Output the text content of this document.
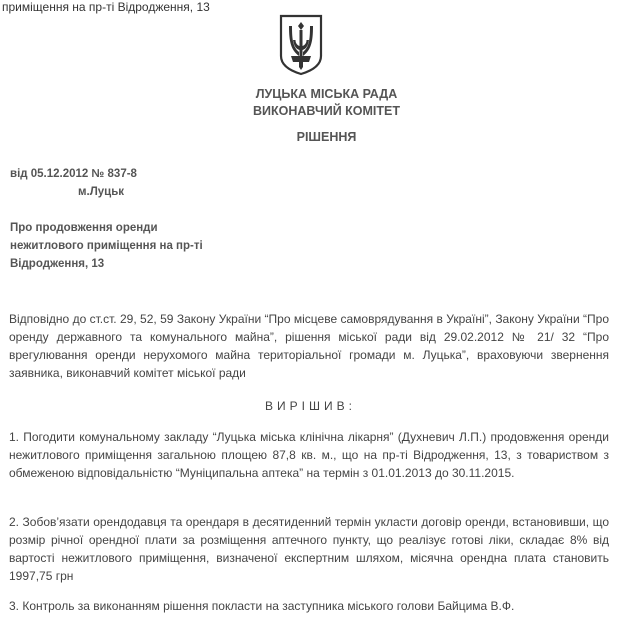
приміщення на пр-ті Відродження, 13
ЛУЦЬКА МІСЬКА РАДА
ВИКОНАВЧИЙ КОМІТЕТ
РІШЕННЯ
від 05.12.2012 № 837-8
м.Луцьк
Про продовження оренди
нежитлового приміщення на пр-ті
Відродження, 13
Відповідно до ст.ст. 29, 52, 59 Закону України “Про місцеве самоврядування в Україні”, Закону України “Про оренду державного та комунального майна”, рішення міської ради від 29.02.2012 № 21/ 32 “Про врегулювання оренди нерухомого майна територіальної громади м. Луцька”, враховуючи звернення заявника, виконавчий комітет міської ради
ВИРІШИВ:
1. Погодити комунальному закладу “Луцька міська клінічна лікарня” (Духневич Л.П.) продовження оренди нежитлового приміщення загальною площею 87,8 кв. м., що на пр-ті Відродження, 13, з товариством з обмеженою відповідальністю “Муніципальна аптека” на термін з 01.01.2013 до 30.11.2015.
2. Зобов’язати орендодавця та орендаря в десятиденний термін укласти договір оренди, встановивши, що розмір річної орендної плати за розміщення аптечного пункту, що реалізує готові ліки, складає 8% від вартості нежитлового приміщення, визначеної експертним шляхом, місячна орендна плата становить 1997,75 грн
3. Контроль за виконанням рішення покласти на заступника міського голови Байцима В.Ф.
